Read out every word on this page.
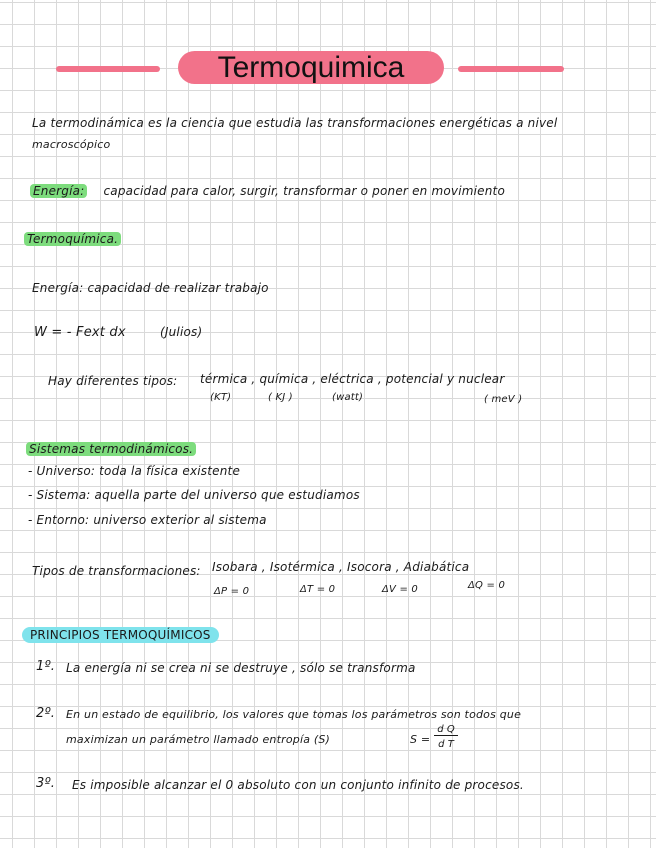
Termoquimica
La termodinámica es la ciencia que estudia las transformaciones energéticas a nivel
macroscópico
Energía: capacidad para calor, surgir, transformar o poner en movimiento
Termoquímica.
Energía: capacidad de realizar trabajo
W = - Fext dx	(Julios)
Hay diferentes tipos: térmica , química , eléctrica , potencial y nuclear
(KT)	( KJ )	(watt)	( meV )
Sistemas termodinámicos.
- Universo: toda la física existente
- Sistema: aquella parte del universo que estudiamos
- Entorno: universo exterior al sistema
Tipos de transformaciones: Isobara , Isotérmica , Isocora , Adiabática
ΔP = 0	ΔT = 0	ΔV = 0	ΔQ = 0
PRINCIPIOS TERMOQUÍMICOS
1º. La energía ni se crea ni se destruye , sólo se transforma
2º. En un estado de equilibrio, los valores que tomas los parámetros son todos que
maximizan un parámetro llamado entropía (S)	S =
d Q
d T
3º. Es imposible alcanzar el 0 absoluto con un conjunto infinito de procesos.
